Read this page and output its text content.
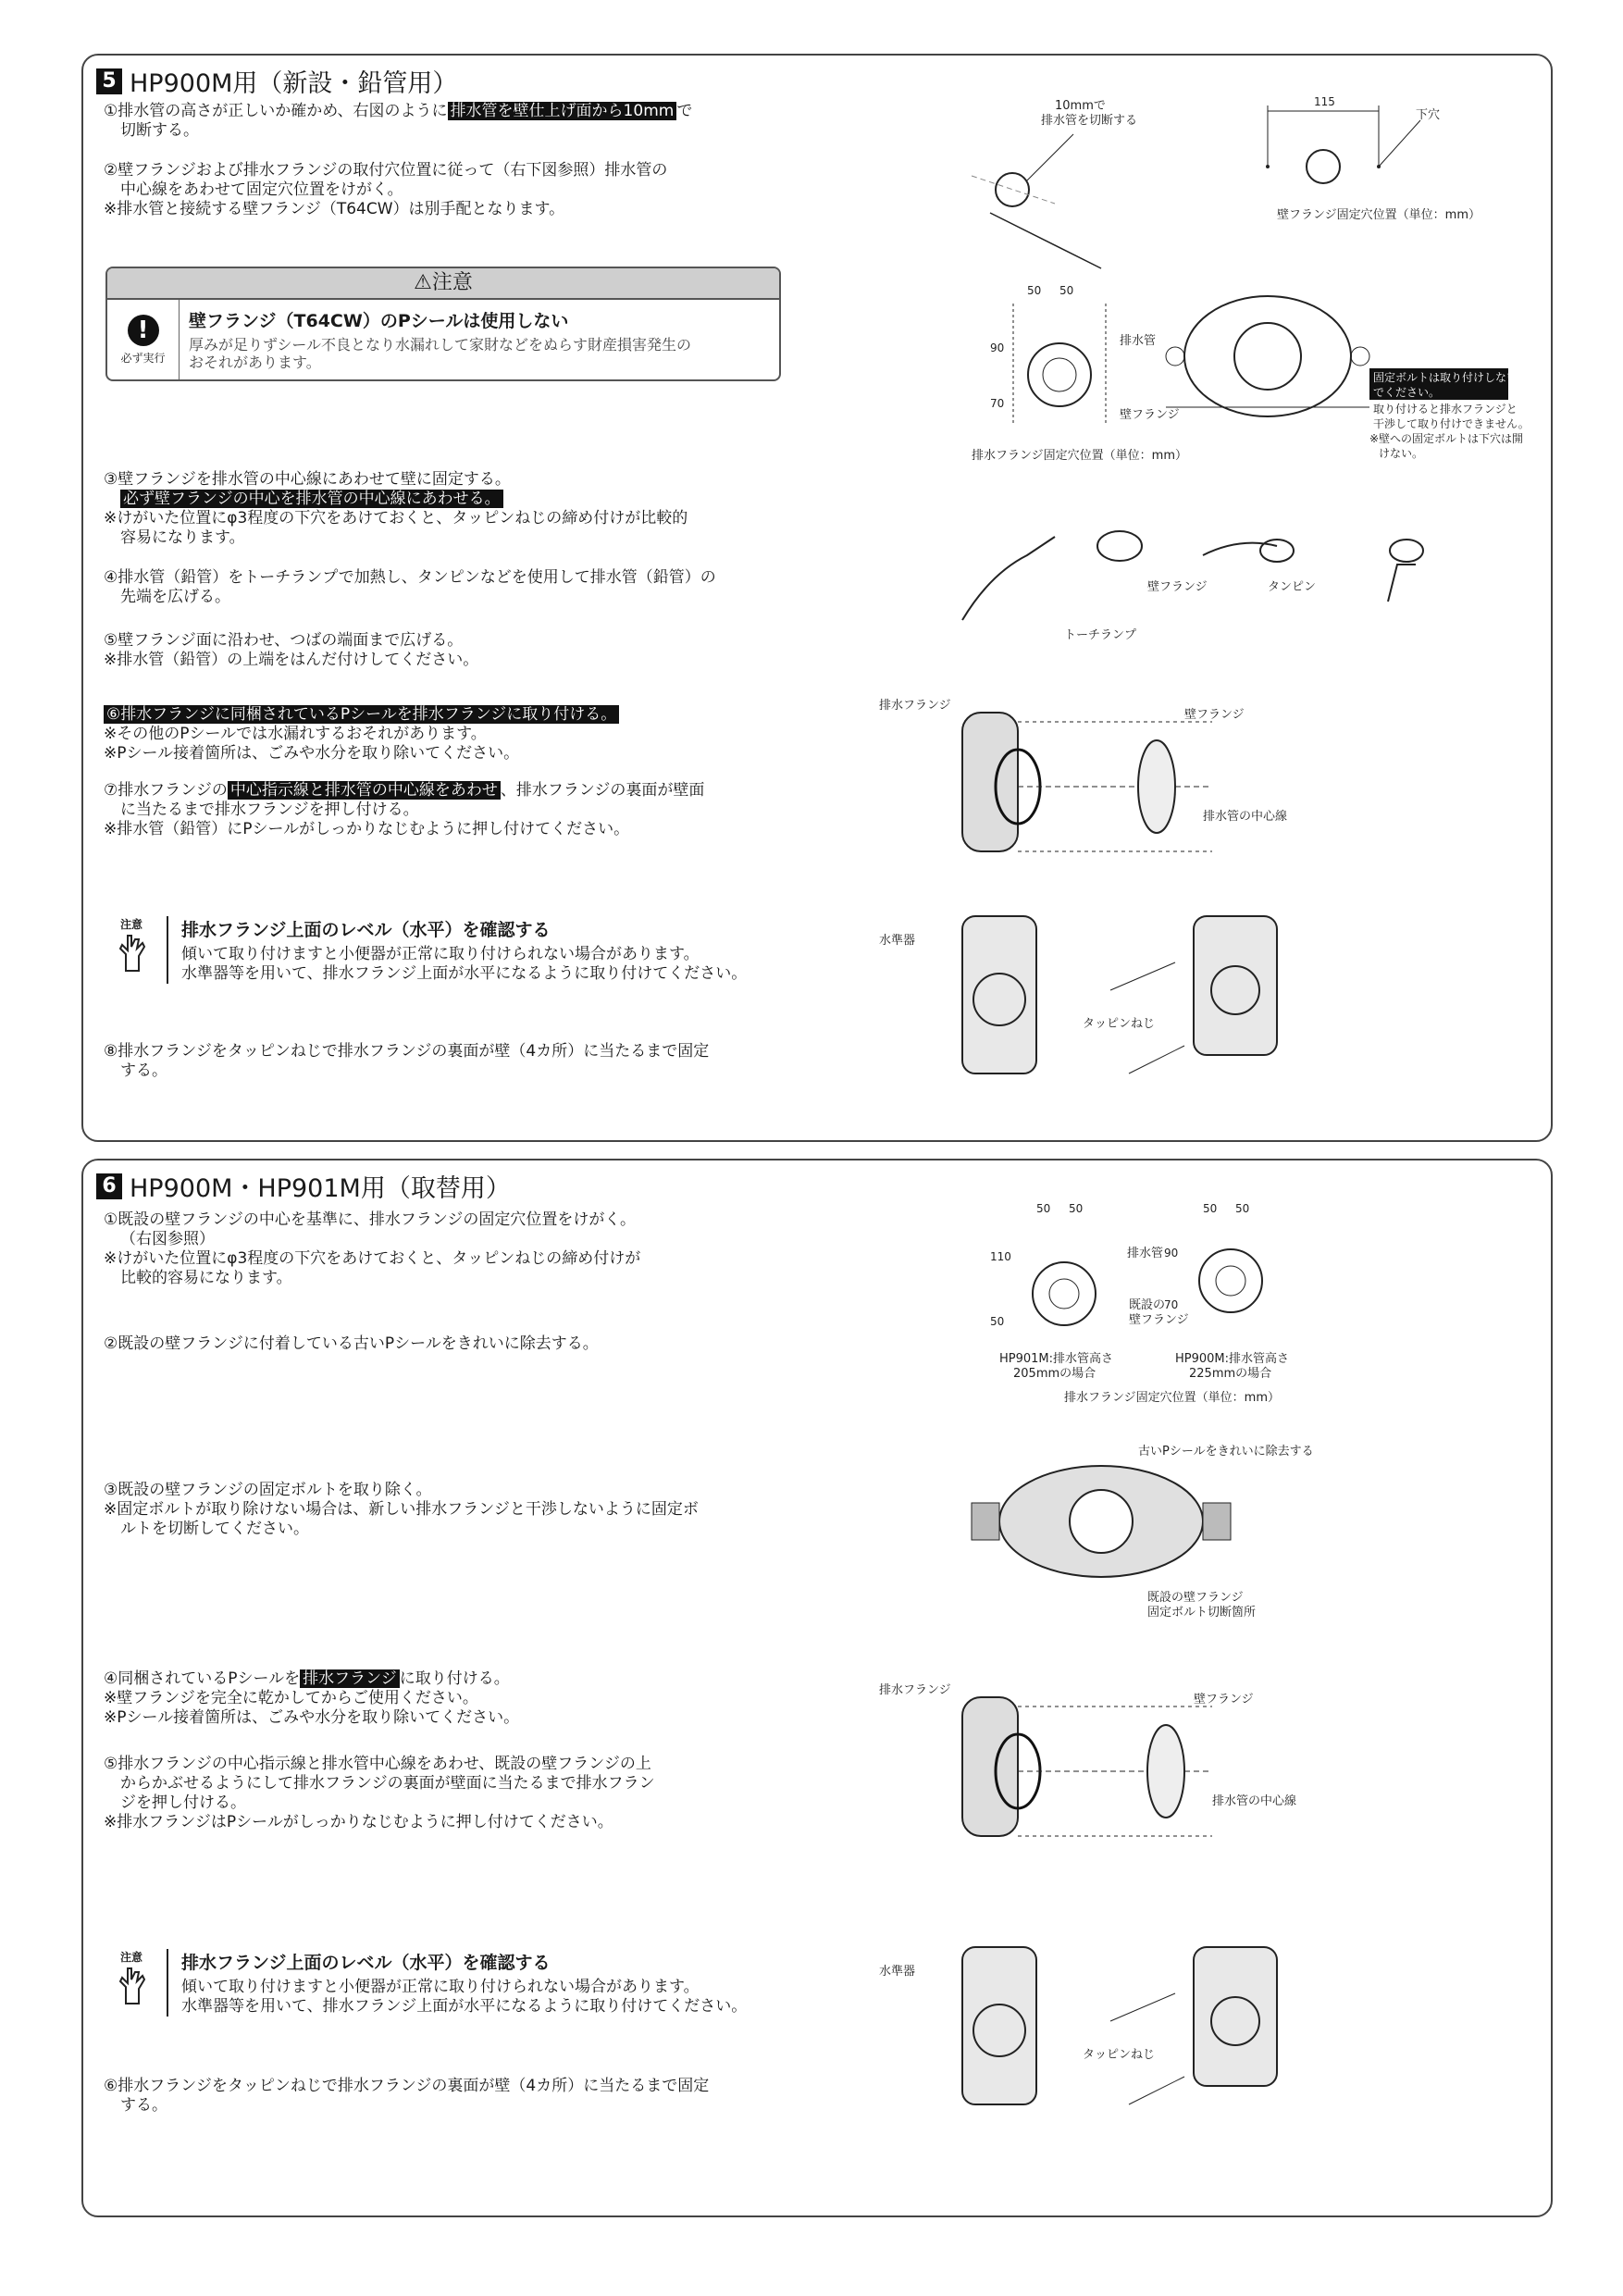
5 HP900M用（新設・鉛管用）

①排水管の高さが正しいか確かめ、右図のように 排水管を壁仕上げ面から10mm で

切断する。

②壁フランジおよび排水フランジの取付穴位置に従って（右下図参照）排水管の

中心線をあわせて固定穴位置をけがく。

※排水管と接続する壁フランジ（T64CW）は別手配となります。

⚠注意
!
必ず実行
壁フランジ（T64CW）のPシールは使用しない
厚みが足りずシール不良となり水漏れして家財などをぬらす財産損害発生の
おそれがあります。

③壁フランジを排水管の中心線にあわせて壁に固定する。

必ず壁フランジの中心を排水管の中心線にあわせる。

※けがいた位置にφ3程度の下穴をあけておくと、タッピンねじの締め付けが比較的

容易になります。

④排水管（鉛管）をトーチランプで加熱し、タンピンなどを使用して排水管（鉛管）の

先端を広げる。

⑤壁フランジ面に沿わせ、つばの端面まで広げる。

※排水管（鉛管）の上端をはんだ付けしてください。

⑥排水フランジに同梱されているPシールを排水フランジに取り付ける。

※その他のPシールでは水漏れするおそれがあります。

※Pシール接着箇所は、ごみや水分を取り除いてください。

⑦排水フランジの 中心指示線と排水管の中心線をあわせ 、排水フランジの裏面が壁面

に当たるまで排水フランジを押し付ける。

※排水管（鉛管）にPシールがしっかりなじむように押し付けてください。

注意 排水フランジ上面のレベル（水平）を確認する
傾いて取り付けますと小便器が正常に取り付けられない場合があります。
水準器等を用いて、排水フランジ上面が水平になるように取り付けてください。

⑧排水フランジをタッピンねじで排水フランジの裏面が壁（4カ所）に当たるまで固定

する。

10mmで
排水管を切断する
115
下穴
壁フランジ固定穴位置（単位：mm）
50 50
90
70
排水管
壁フランジ
排水フランジ固定穴位置（単位：mm）
固定ボルトは取り付けしない
でください。
取り付けると排水フランジと
干渉して取り付けできません。
※壁への固定ボルトは下穴は開
けない。
壁フランジ
トーチランプ
タンピン
排水フランジ
壁フランジ
排水管の中心線
水準器
タッピンねじ
6 HP900M・HP901M用（取替用）

①既設の壁フランジの中心を基準に、排水フランジの固定穴位置をけがく。

（右図参照）

※けがいた位置にφ3程度の下穴をあけておくと、タッピンねじの締め付けが

比較的容易になります。

②既設の壁フランジに付着している古いPシールをきれいに除去する。

③既設の壁フランジの固定ボルトを取り除く。

※固定ボルトが取り除けない場合は、新しい排水フランジと干渉しないように固定ボ

ルトを切断してください。

④同梱されているPシールを 排水フランジ に取り付ける。

※壁フランジを完全に乾かしてからご使用ください。

※Pシール接着箇所は、ごみや水分を取り除いてください。

⑤排水フランジの中心指示線と排水管中心線をあわせ、既設の壁フランジの上

からかぶせるようにして排水フランジの裏面が壁面に当たるまで排水フラン

ジを押し付ける。

※排水フランジはPシールがしっかりなじむように押し付けてください。

注意 排水フランジ上面のレベル（水平）を確認する
傾いて取り付けますと小便器が正常に取り付けられない場合があります。
水準器等を用いて、排水フランジ上面が水平になるように取り付けてください。

⑥排水フランジをタッピンねじで排水フランジの裏面が壁（4カ所）に当たるまで固定

する。

50 50	50 50
110
50
90
70
排水管
既設の
壁フランジ
HP901M:排水管高さ
205mmの場合
HP900M:排水管高さ
225mmの場合
排水フランジ固定穴位置（単位：mm）
古いPシールをきれいに除去する
既設の壁フランジ
固定ボルト切断箇所
排水フランジ
壁フランジ
排水管の中心線
水準器
タッピンねじ
